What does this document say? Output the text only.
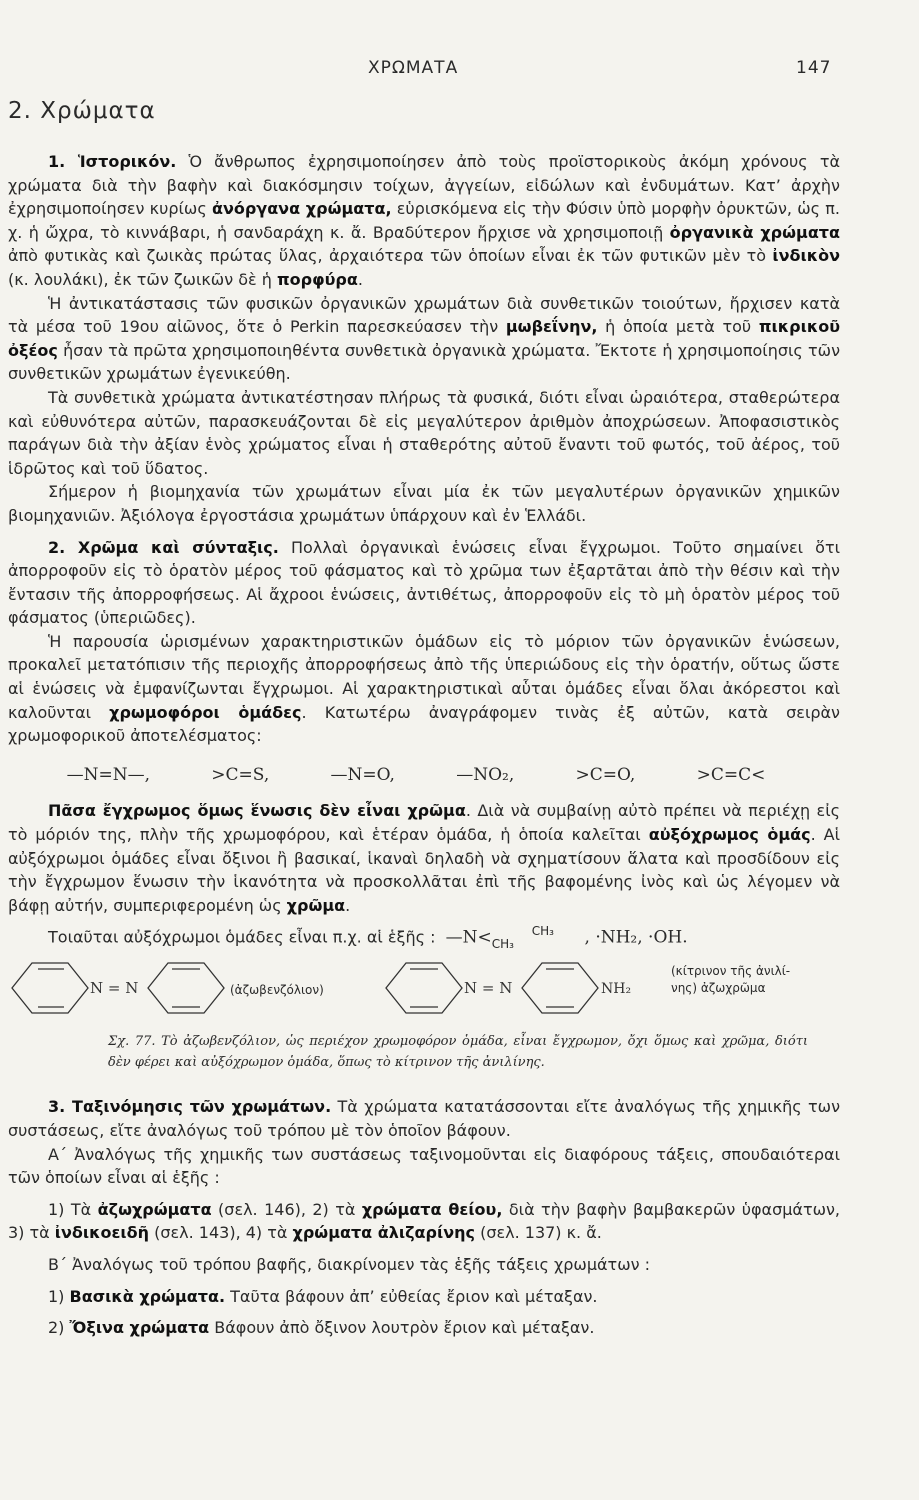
ΧΡΩΜΑΤΑ	147
2. Χρώματα

1. Ἱστορικόν. Ὁ ἄνθρωπος ἐχρησιμοποίησεν ἀπὸ τοὺς προϊστορικοὺς ἀκόμη χρόνους τὰ χρώματα διὰ τὴν βαφὴν καὶ διακόσμησιν τοίχων, ἀγγείων, εἰδώλων καὶ ἐνδυμάτων. Κατ’ ἀρχὴν ἐχρησιμοποίησεν κυρίως ἀνόργανα χρώματα, εὑρισκόμενα εἰς τὴν Φύσιν ὑπὸ μορφὴν ὀρυκτῶν, ὡς π. χ. ἡ ὤχρα, τὸ κιννάβαρι, ἡ σανδαράχη κ. ἄ. Βραδύτερον ἤρχισε νὰ χρησιμοποιῇ ὀργανικὰ χρώματα ἀπὸ φυτικὰς καὶ ζωικὰς πρώτας ὕλας, ἀρχαιότερα τῶν ὁποίων εἶναι ἐκ τῶν φυτικῶν μὲν τὸ ἰνδικὸν (κ. λουλάκι), ἐκ τῶν ζωικῶν δὲ ἡ πορφύρα.

Ἡ ἀντικατάστασις τῶν φυσικῶν ὀργανικῶν χρωμάτων διὰ συνθετικῶν τοιούτων, ἤρχισεν κατὰ τὰ μέσα τοῦ 19ου αἰῶνος, ὅτε ὁ Perkin παρεσκεύασεν τὴν μωβεΐνην, ἡ ὁποία μετὰ τοῦ πικρικοῦ ὀξέος ἦσαν τὰ πρῶτα χρησιμοποιηθέντα συνθετικὰ ὀργανικὰ χρώματα. Ἔκτοτε ἡ χρησιμοποίησις τῶν συνθετικῶν χρωμάτων ἐγενικεύθη.

Τὰ συνθετικὰ χρώματα ἀντικατέστησαν πλήρως τὰ φυσικά, διότι εἶναι ὡραιότερα, σταθερώτερα καὶ εὐθυνότερα αὐτῶν, παρασκευάζονται δὲ εἰς μεγαλύτερον ἀριθμὸν ἀποχρώσεων. Ἀποφασιστικὸς παράγων διὰ τὴν ἀξίαν ἑνὸς χρώματος εἶναι ἡ σταθερότης αὐτοῦ ἔναντι τοῦ φωτός, τοῦ ἀέρος, τοῦ ἱδρῶτος καὶ τοῦ ὕδατος.

Σήμερον ἡ βιομηχανία τῶν χρωμάτων εἶναι μία ἐκ τῶν μεγαλυτέρων ὀργανικῶν χημικῶν βιομηχανιῶν. Ἀξιόλογα ἐργοστάσια χρωμάτων ὑπάρχουν καὶ ἐν Ἑλλάδι.

2. Χρῶμα καὶ σύνταξις. Πολλαὶ ὀργανικαὶ ἑνώσεις εἶναι ἔγχρωμοι. Τοῦτο σημαίνει ὅτι ἀπορροφοῦν εἰς τὸ ὁρατὸν μέρος τοῦ φάσματος καὶ τὸ χρῶμα των ἐξαρτᾶται ἀπὸ τὴν θέσιν καὶ τὴν ἔντασιν τῆς ἀπορροφήσεως. Αἱ ἄχροοι ἑνώσεις, ἀντιθέτως, ἀπορροφοῦν εἰς τὸ μὴ ὁρατὸν μέρος τοῦ φάσματος (ὑπεριῶδες).

Ἡ παρουσία ὡρισμένων χαρακτηριστικῶν ὁμάδων εἰς τὸ μόριον τῶν ὀργανικῶν ἑνώσεων, προκαλεῖ μετατόπισιν τῆς περιοχῆς ἀπορροφήσεως ἀπὸ τῆς ὑπεριώδους εἰς τὴν ὁρατήν, οὕτως ὥστε αἱ ἑνώσεις νὰ ἐμφανίζωνται ἔγχρωμοι. Αἱ χαρακτηριστικαὶ αὗται ὁμάδες εἶναι ὅλαι ἀκόρεστοι καὶ καλοῦνται χρωμοφόροι ὁμάδες. Κατωτέρω ἀναγράφομεν τινὰς ἐξ αὐτῶν, κατὰ σειρὰν χρωμοφορικοῦ ἀποτελέσματος:

—N=N—,	>C=S,	—N=O,	—NO₂,	>C=O,	>C=C<

Πᾶσα ἔγχρωμος ὅμως ἕνωσις δὲν εἶναι χρῶμα. Διὰ νὰ συμβαίνῃ αὐτὸ πρέπει νὰ περιέχῃ εἰς τὸ μόριόν της, πλὴν τῆς χρωμοφόρου, καὶ ἑτέραν ὁμάδα, ἡ ὁποία καλεῖται αὐξόχρωμος ὁμάς. Αἱ αὐξόχρωμοι ὁμάδες εἶναι ὄξινοι ἢ βασικαί, ἱκαναὶ δηλαδὴ νὰ σχηματίσουν ἅλατα καὶ προσδίδουν εἰς τὴν ἔγχρωμον ἕνωσιν τὴν ἱκανότητα νὰ προσκολλᾶται ἐπὶ τῆς βαφομένης ἰνὸς καὶ ὡς λέγομεν νὰ βάφῃ αὐτήν, συμπεριφερομένη ὡς χρῶμα.

Τοιαῦται αὐξόχρωμοι ὁμάδες εἶναι π.χ. αἱ ἑξῆς : —N<	CH₃
CH₃	, ·NH₂, ·OH.

N = N	N = N	NH₂
(ἀζωβενζόλιον)
(κίτρινον τῆς ἀνιλί-
νης) ἀζωχρῶμα

Σχ. 77. Τὸ ἀζωβενζόλιον, ὡς περιέχον χρωμοφόρον ὁμάδα, εἶναι ἔγχρωμον, ὄχι ὅμως καὶ χρῶμα, διότι δὲν φέρει καὶ αὐξόχρωμον ὁμάδα, ὅπως τὸ κίτρινον τῆς ἀνιλίνης.

3. Ταξινόμησις τῶν χρωμάτων. Τὰ χρώματα κατατάσσονται εἴτε ἀναλόγως τῆς χημικῆς των συστάσεως, εἴτε ἀναλόγως τοῦ τρόπου μὲ τὸν ὁποῖον βάφουν.

Α΄ Ἀναλόγως τῆς χημικῆς των συστάσεως ταξινομοῦνται εἰς διαφόρους τάξεις, σπουδαιότεραι τῶν ὁποίων εἶναι αἱ ἑξῆς :

1) Τὰ ἀζωχρώματα (σελ. 146), 2) τὰ χρώματα θείου, διὰ τὴν βαφὴν βαμβακερῶν ὑφασμάτων, 3) τὰ ἰνδικοειδῆ (σελ. 143), 4) τὰ χρώματα ἀλιζαρίνης (σελ. 137) κ. ἄ.

Β΄ Ἀναλόγως τοῦ τρόπου βαφῆς, διακρίνομεν τὰς ἑξῆς τάξεις χρωμάτων :

1) Βασικὰ χρώματα. Ταῦτα βάφουν ἀπ’ εὐθείας ἔριον καὶ μέταξαν.

2) Ὄξινα χρώματα Βάφουν ἀπὸ ὄξινον λουτρὸν ἔριον καὶ μέταξαν.
